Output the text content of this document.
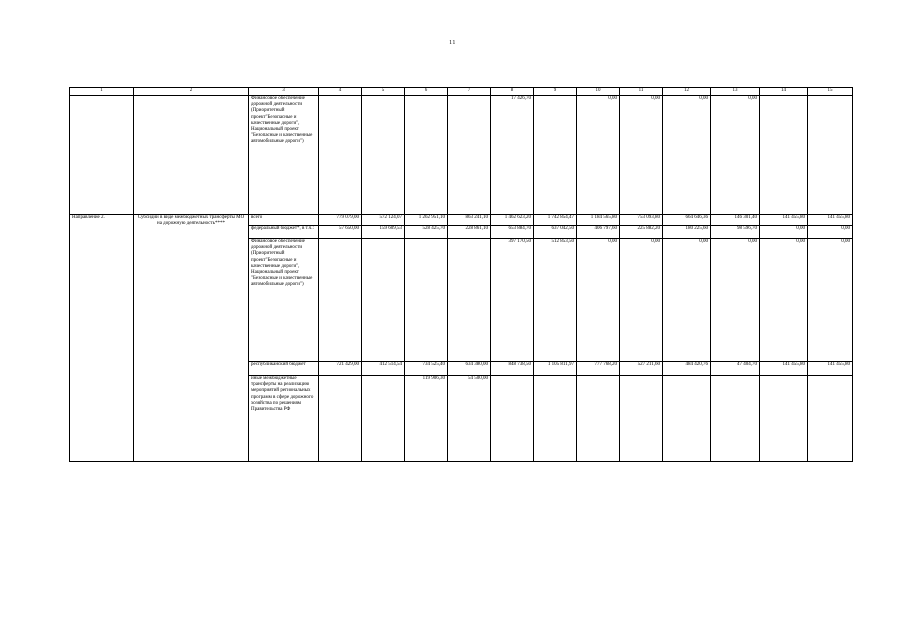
11
1	2	3	4	5	6	7	8	9	10	11	12	13	14	15
		Финансовое обеспечение дорожной деятельности (Приоритетный проект"Безопасные и качественные дороги", Национальный проект "Безопасные и качественные автомобильные дороги")					17 426,70		0,00	0,00	0,00	0,00		
Направление 2.	Субсидии в виде межбюджетных трансферты МО на дорожную деятельность****	всего	779 079,00	572 124,07	1 262 951,10	863 241,10	1 462 623,20	1 742 854,47	1 184 565,80	753 093,80	664 646,36	146 301,40	141 455,80	141 455,80
		федеральный бюджет*, в т.ч.:	57 650,00	159 609,53	528 425,70	228 861,10	653 884,70	637 042,50	406 797,60	225 882,20	180 225,60	98 596,70	0,00	0,00
		Финансовое обеспечение дорожной деятельности (Приоритетный проект"Безопасные и качественные дороги", Национальный проект "Безопасные и качественные автомобильные дороги")					397 170,50	512 853,50	0,00	0,00	0,00	0,00	0,00	0,00
		республиканский бюджет	721 429,00	412 514,54	734 525,40	634 380,00	848 738,50	1 105 811,97	777 768,20	527 211,60	484 420,76	47 404,70	141 455,80	141 455,80
		иные межбюджетные трансферты на реализацию мероприятий региональных программ в сфере дорожного хозяйства по решениям Правительства РФ			119 906,30	54 500,00								
